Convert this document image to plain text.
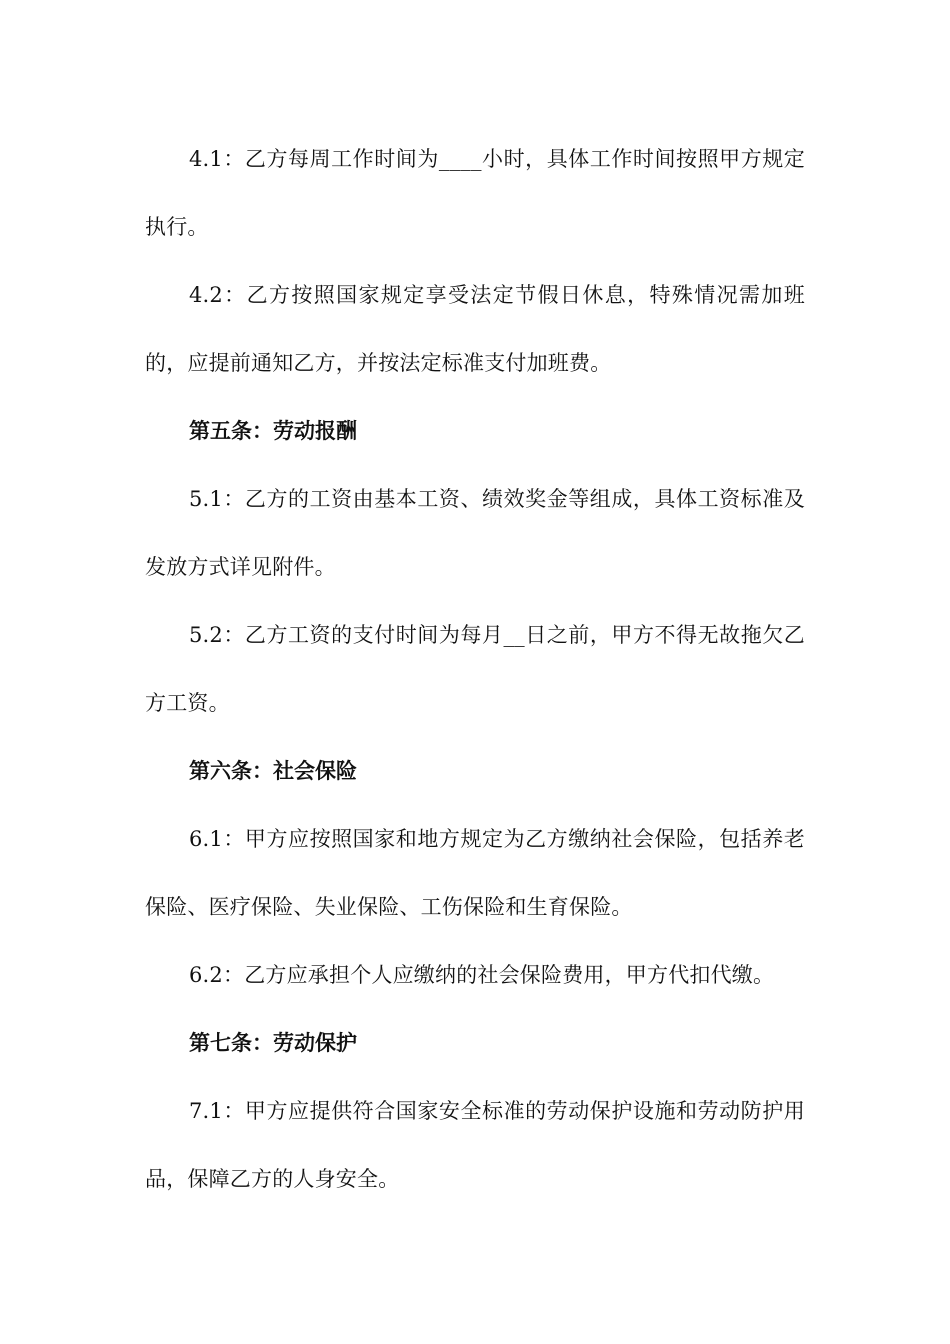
4.1：乙方每周工作时间为____小时，具体工作时间按照甲方规定执行。

4.2：乙方按照国家规定享受法定节假日休息，特殊情况需加班的，应提前通知乙方，并按法定标准支付加班费。

第五条：劳动报酬

5.1：乙方的工资由基本工资、绩效奖金等组成，具体工资标准及发放方式详见附件。

5.2：乙方工资的支付时间为每月__日之前，甲方不得无故拖欠乙方工资。

第六条：社会保险

6.1：甲方应按照国家和地方规定为乙方缴纳社会保险，包括养老保险、医疗保险、失业保险、工伤保险和生育保险。

6.2：乙方应承担个人应缴纳的社会保险费用，甲方代扣代缴。

第七条：劳动保护

7.1：甲方应提供符合国家安全标准的劳动保护设施和劳动防护用品，保障乙方的人身安全。
